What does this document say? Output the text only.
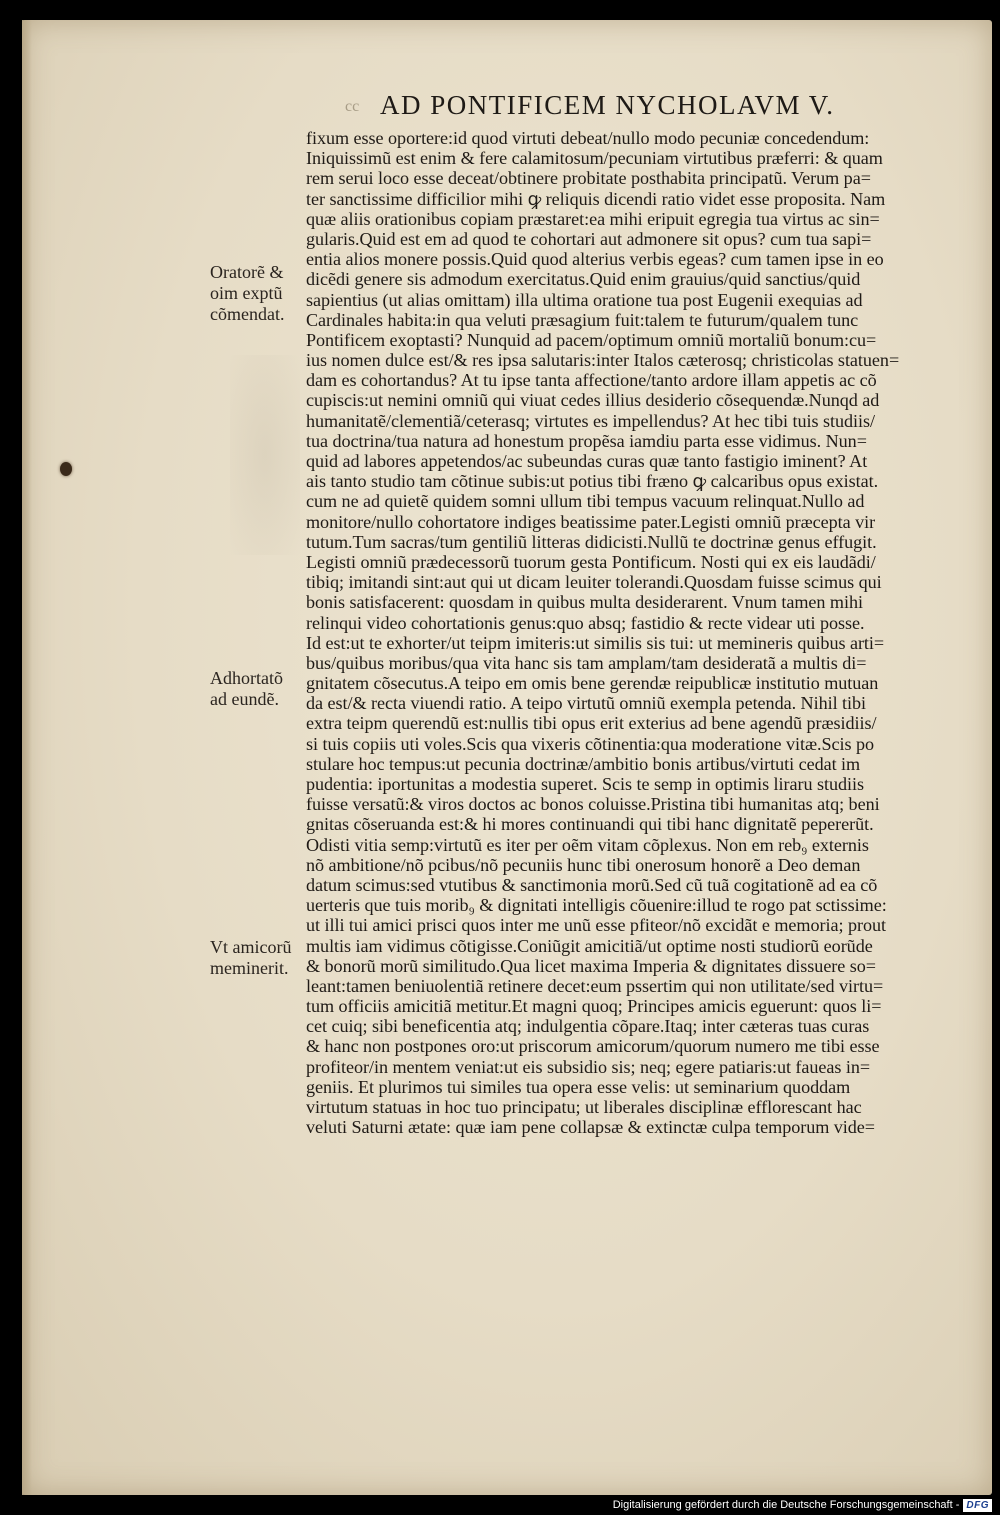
cc AD PONTIFICEM NYCHOLAVM V.
fixum esse oportere:id quod virtuti debeat/nullo modo pecuniæ concedendum:
Iniquissimũ est enim & fere calamitosum/pecuniam virtutibus præferri: & quam
rem serui loco esse deceat/obtinere probitate posthabita principatũ. Verum pa=
ter sanctissime difficilior mihi ꝙ reliquis dicendi ratio videt esse proposita. Nam
quæ aliis orationibus copiam præstaret:ea mihi eripuit egregia tua virtus ac sin=
gularis.Quid est em ad quod te cohortari aut admonere sit opus? cum tua sapi=
entia alios monere possis.Quid quod alterius verbis egeas? cum tamen ipse in eo
dicẽdi genere sis admodum exercitatus.Quid enim grauius/quid sanctius/quid
sapientius (ut alias omittam) illa ultima oratione tua post Eugenii exequias ad
Cardinales habita:in qua veluti præsagium fuit:talem te futurum/qualem tunc
Pontificem exoptasti? Nunquid ad pacem/optimum omniũ mortaliũ bonum:cu=
ius nomen dulce est/& res ipsa salutaris:inter Italos cæterosq; christicolas statuen=
dam es cohortandus? At tu ipse tanta affectione/tanto ardore illam appetis ac cõ
cupiscis:ut nemini omniũ qui viuat cedes illius desiderio cõsequendæ.Nunqd ad
humanitatẽ/clementiã/ceterasq; virtutes es impellendus? At hec tibi tuis studiis/
tua doctrina/tua natura ad honestum propẽsa iamdiu parta esse vidimus. Nun=
quid ad labores appetendos/ac subeundas curas quæ tanto fastigio iminent? At
ais tanto studio tam cõtinue subis:ut potius tibi fræno ꝙ calcaribus opus existat.
cum ne ad quietẽ quidem somni ullum tibi tempus vacuum relinquat.Nullo ad
monitore/nullo cohortatore indiges beatissime pater.Legisti omniũ præcepta vir
tutum.Tum sacras/tum gentiliũ litteras didicisti.Nullũ te doctrinæ genus effugit.
Legisti omniũ prædecessorũ tuorum gesta Pontificum. Nosti qui ex eis laudãdi/
tibiq; imitandi sint:aut qui ut dicam leuiter tolerandi.Quosdam fuisse scimus qui
bonis satisfacerent: quosdam in quibus multa desiderarent. Vnum tamen mihi
relinqui video cohortationis genus:quo absq; fastidio & recte videar uti posse.
Id est:ut te exhorter/ut teipm imiteris:ut similis sis tui: ut memineris quibus arti=
bus/quibus moribus/qua vita hanc sis tam amplam/tam desideratã a multis di=
gnitatem cõsecutus.A teipo em omis bene gerendæ reipublicæ institutio mutuan
da est/& recta viuendi ratio. A teipo virtutũ omniũ exempla petenda. Nihil tibi
extra teipm querendũ est:nullis tibi opus erit exterius ad bene agendũ præsidiis/
si tuis copiis uti voles.Scis qua vixeris cõtinentia:qua moderatione vitæ.Scis po
stulare hoc tempus:ut pecunia doctrinæ/ambitio bonis artibus/virtuti cedat im
pudentia: iportunitas a modestia superet. Scis te semp in optimis liraru studiis
fuisse versatũ:& viros doctos ac bonos coluisse.Pristina tibi humanitas atq; beni
gnitas cõseruanda est:& hi mores continuandi qui tibi hanc dignitatẽ pepererũt.
Odisti vitia semp:virtutũ es iter per oẽm vitam cõplexus. Non em reb₉ externis
nõ ambitione/nõ pcibus/nõ pecuniis hunc tibi onerosum honorẽ a Deo deman
datum scimus:sed vtutibus & sanctimonia morũ.Sed cũ tuã cogitationẽ ad ea cõ
uerteris que tuis morib₉ & dignitati intelligis cõuenire:illud te rogo pat sctissime:
ut illi tui amici prisci quos inter me unũ esse pfiteor/nõ excidãt e memoria; prout
multis iam vidimus cõtigisse.Coniũgit amicitiã/ut optime nosti studiorũ eorũde
& bonorũ morũ similitudo.Qua licet maxima Imperia & dignitates dissuere so=
leant:tamen beniuolentiã retinere decet:eum pssertim qui non utilitate/sed virtu=
tum officiis amicitiã metitur.Et magni quoq; Principes amicis eguerunt: quos li=
cet cuiq; sibi beneficentia atq; indulgentia cõpare.Itaq; inter cæteras tuas curas
& hanc non postpones oro:ut priscorum amicorum/quorum numero me tibi esse
profiteor/in mentem veniat:ut eis subsidio sis; neq; egere patiaris:ut faueas in=
geniis. Et plurimos tui similes tua opera esse velis: ut seminarium quoddam
virtutum statuas in hoc tuo principatu; ut liberales disciplinæ efflorescant hac
veluti Saturni ætate: quæ iam pene collapsæ & extinctæ culpa temporum vide=
Oratorẽ &
oim exptũ
cõmendat.
Adhortatõ
ad eundẽ.
Vt amicorũ
meminerit.
Digitalisierung gefördert durch die Deutsche Forschungsgemeinschaft - DFG
